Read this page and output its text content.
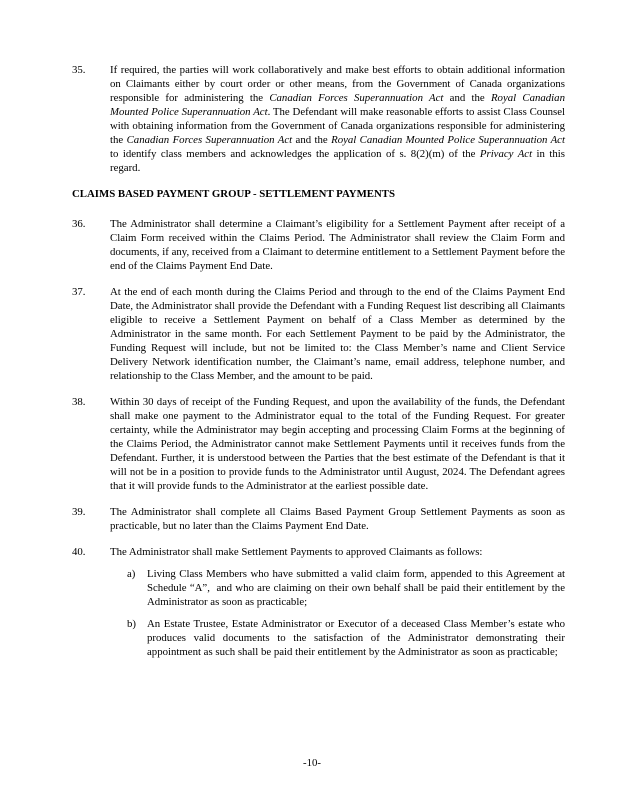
35. If required, the parties will work collaboratively and make best efforts to obtain additional information on Claimants either by court order or other means, from the Government of Canada organizations responsible for administering the Canadian Forces Superannuation Act and the Royal Canadian Mounted Police Superannuation Act. The Defendant will make reasonable efforts to assist Class Counsel with obtaining information from the Government of Canada organizations responsible for administering the Canadian Forces Superannuation Act and the Royal Canadian Mounted Police Superannuation Act to identify class members and acknowledges the application of s. 8(2)(m) of the Privacy Act in this regard.
CLAIMS BASED PAYMENT GROUP - SETTLEMENT PAYMENTS
36. The Administrator shall determine a Claimant’s eligibility for a Settlement Payment after receipt of a Claim Form received within the Claims Period. The Administrator shall review the Claim Form and documents, if any, received from a Claimant to determine entitlement to a Settlement Payment before the end of the Claims Payment End Date.
37. At the end of each month during the Claims Period and through to the end of the Claims Payment End Date, the Administrator shall provide the Defendant with a Funding Request list describing all Claimants eligible to receive a Settlement Payment on behalf of a Class Member as determined by the Administrator in the same month. For each Settlement Payment to be paid by the Administrator, the Funding Request will include, but not be limited to: the Class Member’s name and Client Service Delivery Network identification number, the Claimant’s name, email address, telephone number, and relationship to the Class Member, and the amount to be paid.
38. Within 30 days of receipt of the Funding Request, and upon the availability of the funds, the Defendant shall make one payment to the Administrator equal to the total of the Funding Request. For greater certainty, while the Administrator may begin accepting and processing Claim Forms at the beginning of the Claims Period, the Administrator cannot make Settlement Payments until it receives funds from the Defendant. Further, it is understood between the Parties that the best estimate of the Defendant is that it will not be in a position to provide funds to the Administrator until August, 2024. The Defendant agrees that it will provide funds to the Administrator at the earliest possible date.
39. The Administrator shall complete all Claims Based Payment Group Settlement Payments as soon as practicable, but no later than the Claims Payment End Date.
40. The Administrator shall make Settlement Payments to approved Claimants as follows:
a) Living Class Members who have submitted a valid claim form, appended to this Agreement at Schedule “A”,  and who are claiming on their own behalf shall be paid their entitlement by the Administrator as soon as practicable;
b) An Estate Trustee, Estate Administrator or Executor of a deceased Class Member’s estate who produces valid documents to the satisfaction of the Administrator demonstrating their appointment as such shall be paid their entitlement by the Administrator as soon as practicable;
-10-
